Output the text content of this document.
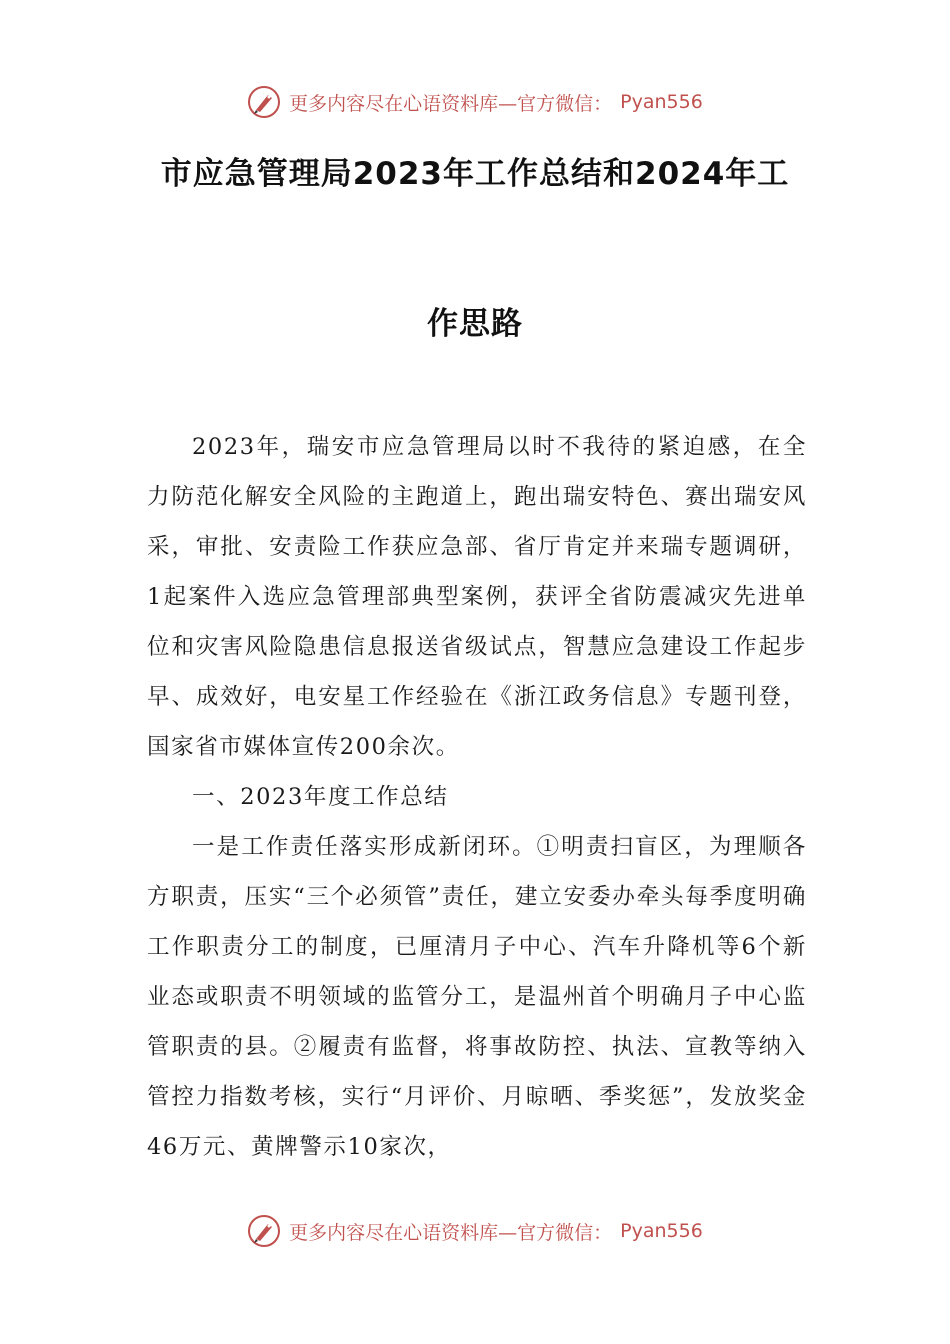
更多内容尽在心语资料库—官方微信： Pyan556
市应急管理局2023年工作总结和2024年工
作思路

2023年，瑞安市应急管理局以时不我待的紧迫感，在全力防范化解安全风险的主跑道上，跑出瑞安特色、赛出瑞安风采，审批、安责险工作获应急部、省厅肯定并来瑞专题调研，1起案件入选应急管理部典型案例，获评全省防震减灾先进单位和灾害风险隐患信息报送省级试点，智慧应急建设工作起步早、成效好，电安星工作经验在《浙江政务信息》专题刊登，国家省市媒体宣传200余次。

一、2023年度工作总结

一是工作责任落实形成新闭环。①明责扫盲区，为理顺各方职责，压实“三个必须管”责任，建立安委办牵头每季度明确工作职责分工的制度，已厘清月子中心、汽车升降机等6个新业态或职责不明领域的监管分工，是温州首个明确月子中心监管职责的县。②履责有监督，将事故防控、执法、宣教等纳入管控力指数考核，实行“月评价、月晾晒、季奖惩”，发放奖金46万元、黄牌警示10家次，

更多内容尽在心语资料库—官方微信： Pyan556
